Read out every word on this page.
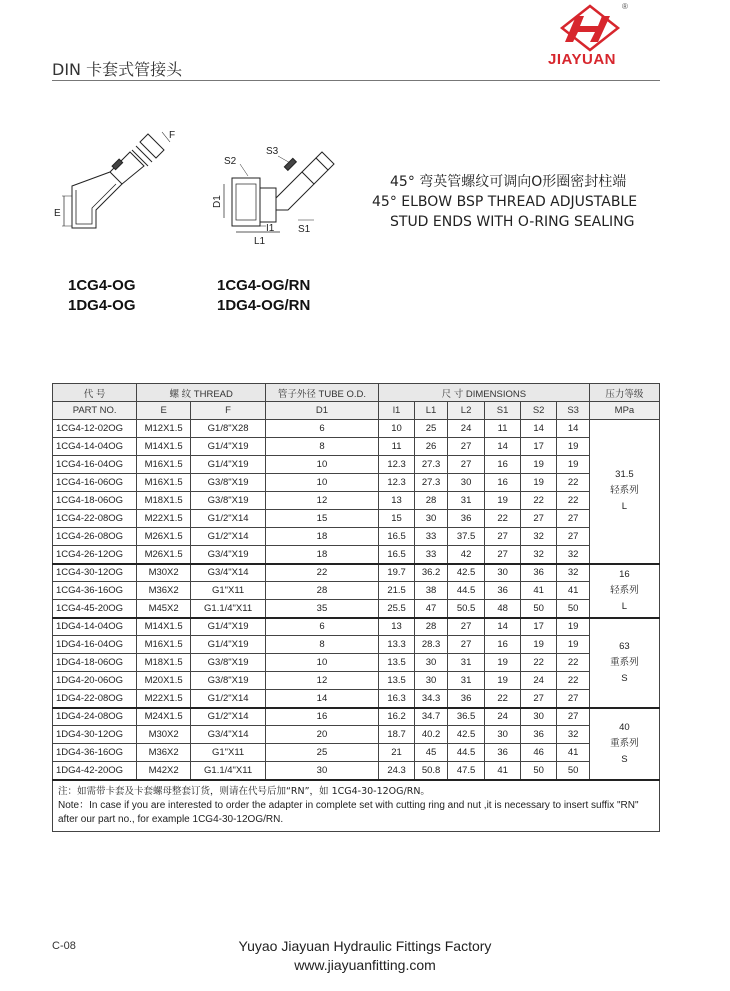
DIN 卡套式管接头
®
JIAYUAN
E
F
S2
S3
D1
I1
L1
S1
45° 弯英管螺纹可调向O形圈密封柱端
45° ELBOW BSP THREAD ADJUSTABLE
STUD ENDS WITH O-RING SEALING
1CG4-OG
1DG4-OG
1CG4-OG/RN
1DG4-OG/RN
代 号	螺 纹 THREAD		管子外径 TUBE O.D.	尺 寸 DIMENSIONS						压力等级
PART NO.	E	F	D1	l1	L1	L2	S1	S2	S3	MPa
1CG4-12-02OG	M12X1.5	G1/8"X28	6	10	25	24	11	14	14	31.5
轻系列
L

1CG4-14-04OG	M14X1.5	G1/4"X19	8	11	26	27	14	17	19	
1CG4-16-04OG	M16X1.5	G1/4"X19	10	12.3	27.3	27	16	19	19	
1CG4-16-06OG	M16X1.5	G3/8"X19	10	12.3	27.3	30	16	19	22	
1CG4-18-06OG	M18X1.5	G3/8"X19	12	13	28	31	19	22	22	
1CG4-22-08OG	M22X1.5	G1/2"X14	15	15	30	36	22	27	27	
1CG4-26-08OG	M26X1.5	G1/2"X14	18	16.5	33	37.5	27	32	27	
1CG4-26-12OG	M26X1.5	G3/4"X19	18	16.5	33	42	27	32	32	
1CG4-30-12OG	M30X2	G3/4"X14	22	19.7	36.2	42.5	30	36	32	16
轻系列
L

1CG4-36-16OG	M36X2	G1"X11	28	21.5	38	44.5	36	41	41	
1CG4-45-20OG	M45X2	G1.1/4"X11	35	25.5	47	50.5	48	50	50	
1DG4-14-04OG	M14X1.5	G1/4"X19	6	13	28	27	14	17	19	63
重系列
S

1DG4-16-04OG	M16X1.5	G1/4"X19	8	13.3	28.3	27	16	19	19	
1DG4-18-06OG	M18X1.5	G3/8"X19	10	13.5	30	31	19	22	22	
1DG4-20-06OG	M20X1.5	G3/8"X19	12	13.5	30	31	19	24	22	
1DG4-22-08OG	M22X1.5	G1/2"X14	14	16.3	34.3	36	22	27	27	
1DG4-24-08OG	M24X1.5	G1/2"X14	16	16.2	34.7	36.5	24	30	27	40
重系列
S

1DG4-30-12OG	M30X2	G3/4"X14	20	18.7	40.2	42.5	30	36	32	
1DG4-36-16OG	M36X2	G1"X11	25	21	45	44.5	36	46	41	
1DG4-42-20OG	M42X2	G1.1/4"X11	30	24.3	50.8	47.5	41	50	50	

注：如需带卡套及卡套螺母整套订货，则请在代号后加“RN”，如 1CG4-30-12OG/RN。
Note：In case if you are interested to order the adapter in complete set with cutting ring and nut ,it is necessary to insert suffix "RN" after our part no., for example 1CG4-30-12OG/RN.										
C-08	Yuyao Jiayuan Hydraulic Fittings Factory
www.jiayuanfitting.com
